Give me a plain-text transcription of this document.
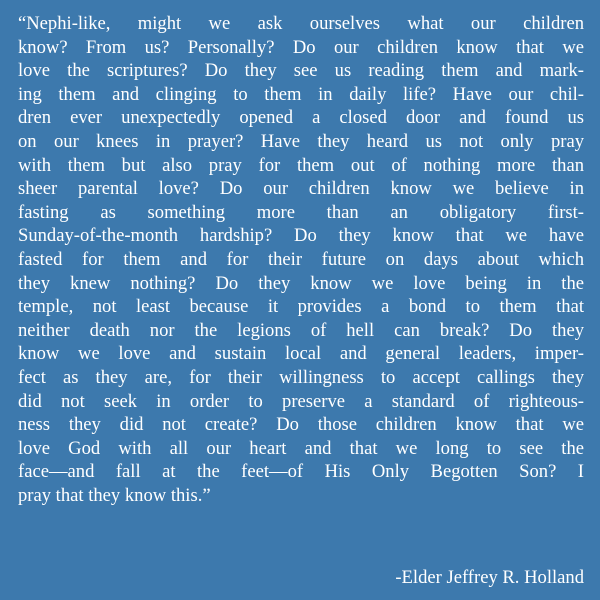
“Nephi-like, might we ask ourselves what our children
know? From us? Personally? Do our children know that we
love the scriptures? Do they see us reading them and mark-
ing them and clinging to them in daily life? Have our chil-
dren ever unexpectedly opened a closed door and found us
on our knees in prayer? Have they heard us not only pray
with them but also pray for them out of nothing more than
sheer parental love? Do our children know we believe in
fasting as something more than an obligatory first-
Sunday-of-the-month hardship? Do they know that we have
fasted for them and for their future on days about which
they knew nothing? Do they know we love being in the
temple, not least because it provides a bond to them that
neither death nor the legions of hell can break? Do they
know we love and sustain local and general leaders, imper-
fect as they are, for their willingness to accept callings they
did not seek in order to preserve a standard of righteous-
ness they did not create? Do those children know that we
love God with all our heart and that we long to see the
face—and fall at the feet—of His Only Begotten Son? I
pray that they know this.”

-Elder Jeffrey R. Holland
